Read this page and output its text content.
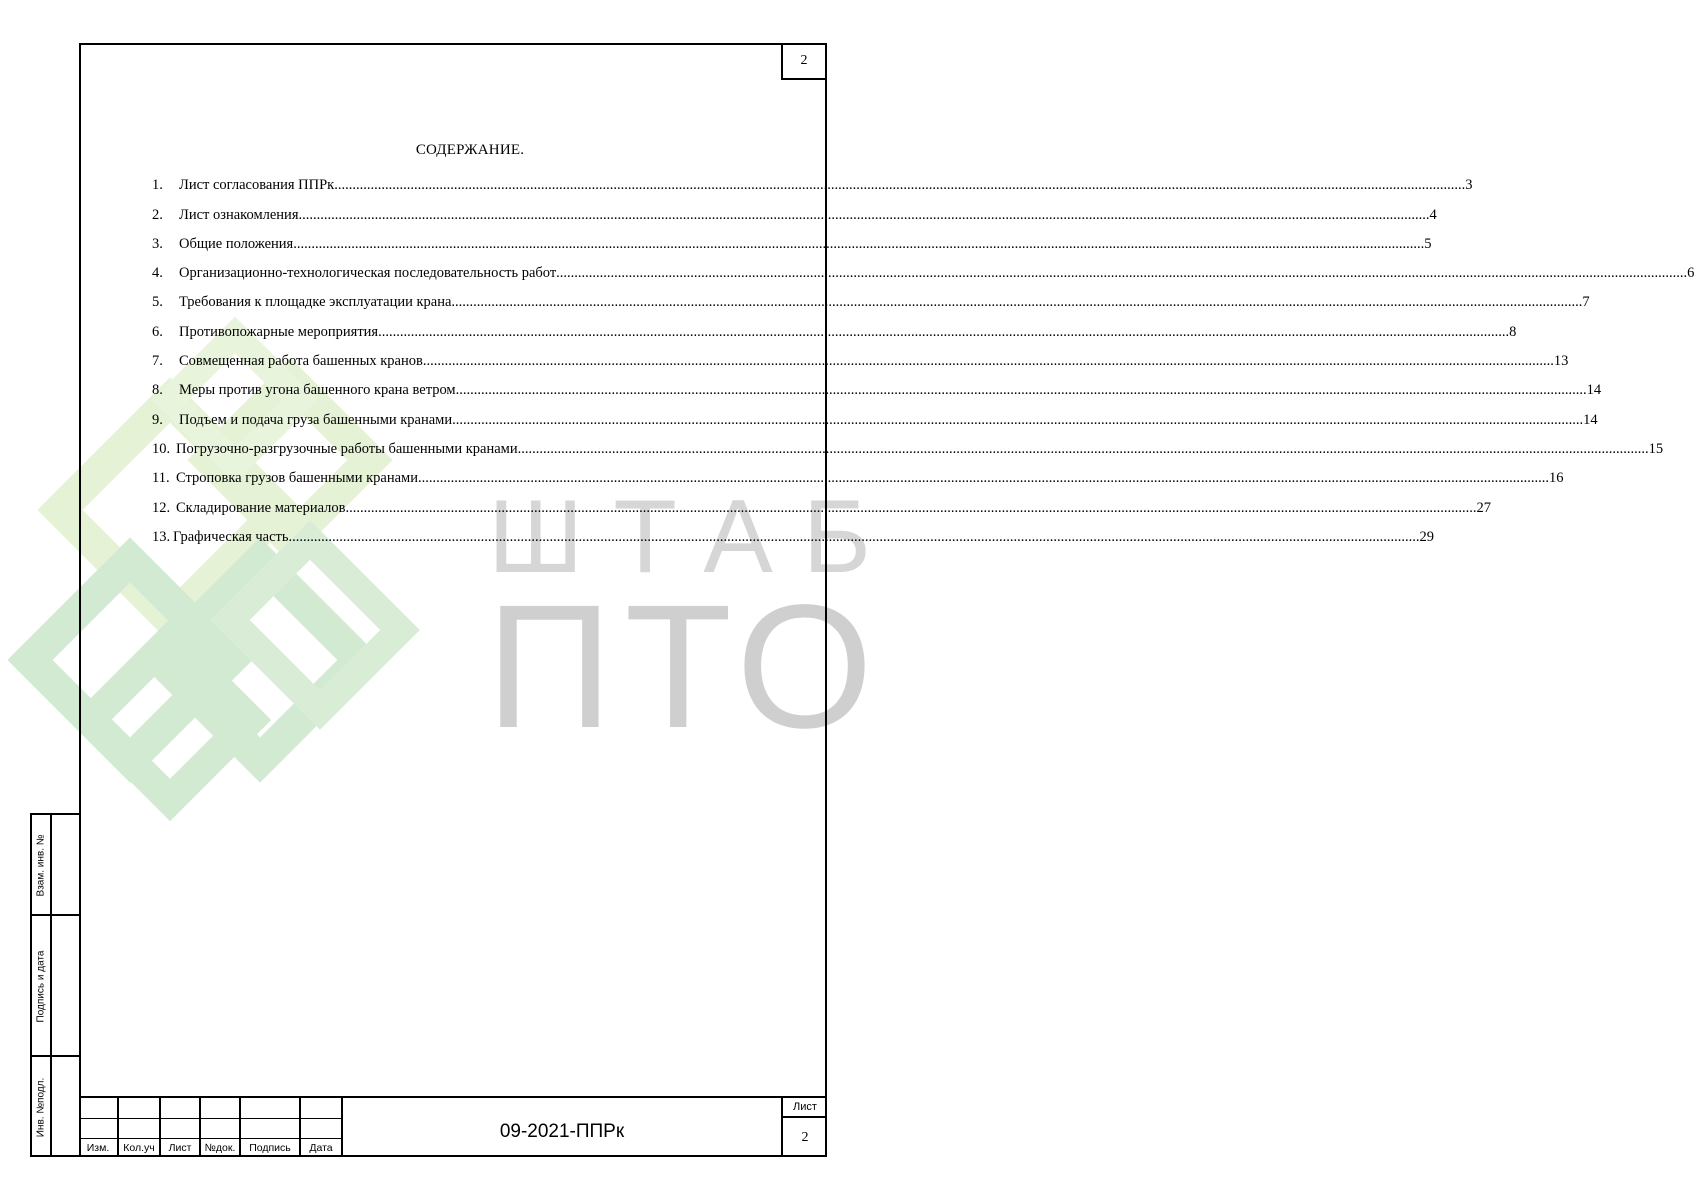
ШТАБ
ПТО
2
Взам. инв. №
Подпись и дата
Инв. №подл.
СОДЕРЖАНИЕ.
1.	Лист согласования ППРк .....	3
2.	Лист ознакомления .....	4
3.	Общие положения .....	5
4.	Организационно-технологическая последовательность работ .....	6
5.	Требования к площадке эксплуатации крана .....	7
6.	Противопожарные мероприятия .....	8
7.	Совмещенная работа башенных кранов .....	13
8.	Меры против угона башенного крана ветром .....	14
9.	Подъем и подача груза башенными кранами .....	14
10. Погрузочно-разгрузочные работы башенными кранами .....	15
11. Строповка грузов башенными кранами .....	16
12. Складирование материалов .....	27
13. Графическая часть .....	29
Изм.	Кол.уч	Лист	№док.	Подпись	Дата
09-2021-ППРк
Лист
2
